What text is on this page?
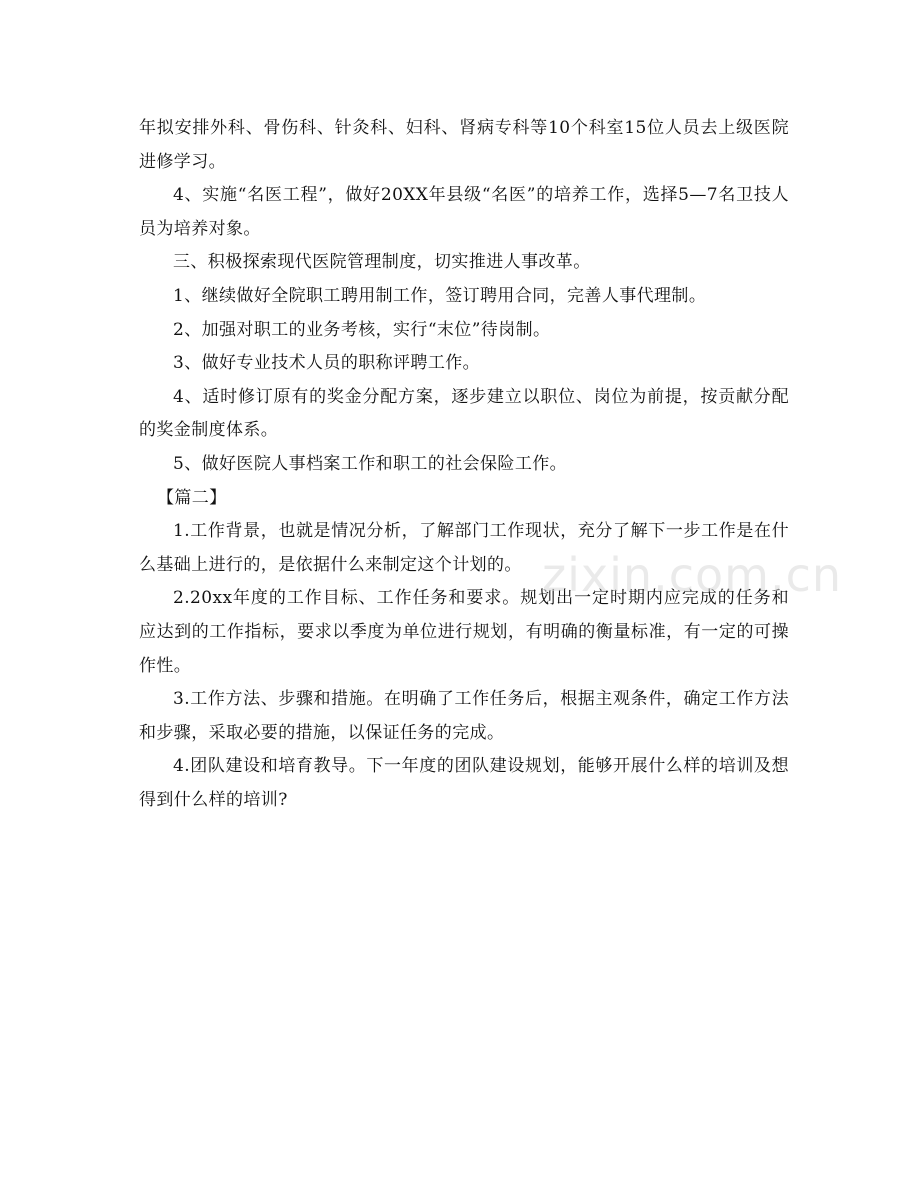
年拟安排外科、骨伤科、针灸科、妇科、肾病专科等10个科室15位人员去上级医院进修学习。

4、实施“名医工程”，做好20XX年县级“名医”的培养工作，选择5—7名卫技人员为培养对象。

三、积极探索现代医院管理制度，切实推进人事改革。

1、继续做好全院职工聘用制工作，签订聘用合同，完善人事代理制。

2、加强对职工的业务考核，实行“末位”待岗制。

3、做好专业技术人员的职称评聘工作。

4、适时修订原有的奖金分配方案，逐步建立以职位、岗位为前提，按贡献分配的奖金制度体系。

5、做好医院人事档案工作和职工的社会保险工作。

【篇二】

1.工作背景，也就是情况分析，了解部门工作现状，充分了解下一步工作是在什么基础上进行的，是依据什么来制定这个计划的。

2.20xx年度的工作目标、工作任务和要求。规划出一定时期内应完成的任务和应达到的工作指标，要求以季度为单位进行规划，有明确的衡量标准，有一定的可操作性。

3.工作方法、步骤和措施。在明确了工作任务后，根据主观条件，确定工作方法和步骤，采取必要的措施，以保证任务的完成。

4.团队建设和培育教导。下一年度的团队建设规划，能够开展什么样的培训及想得到什么样的培训?

zixin.com.cn
